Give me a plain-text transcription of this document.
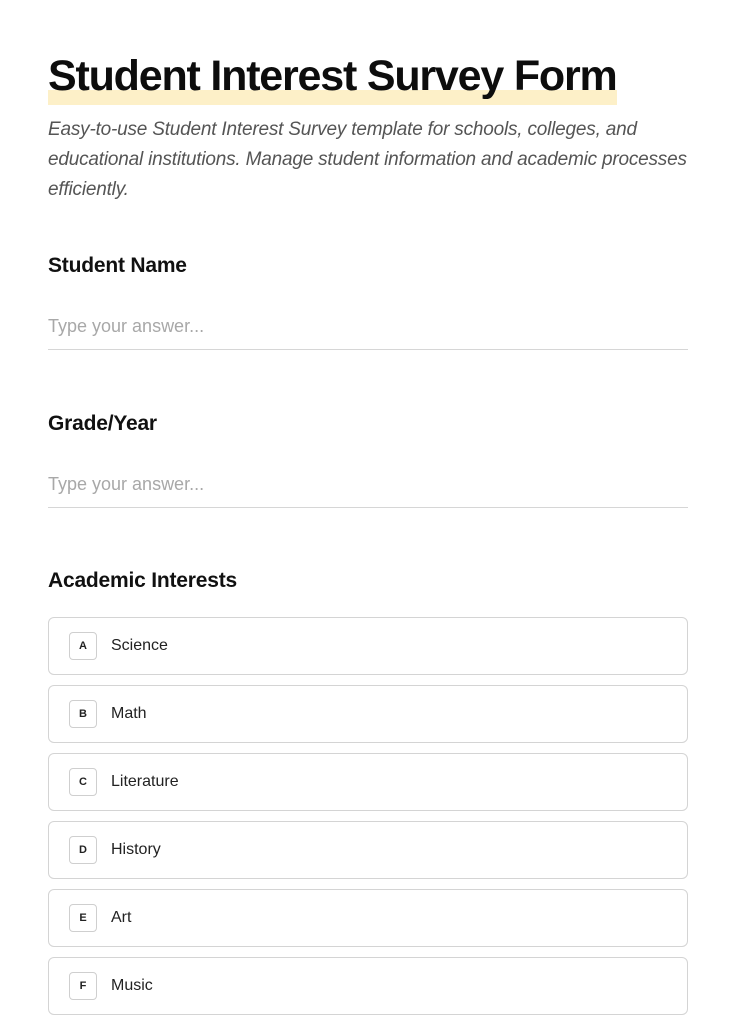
Student Interest Survey Form

Easy-to-use Student Interest Survey template for schools, colleges, and educational institutions. Manage student information and academic processes efficiently.

Student Name
Type your answer...
Grade/Year
Type your answer...
Academic Interests
A	Science
B	Math
C	Literature
D	History
E	Art
F	Music
